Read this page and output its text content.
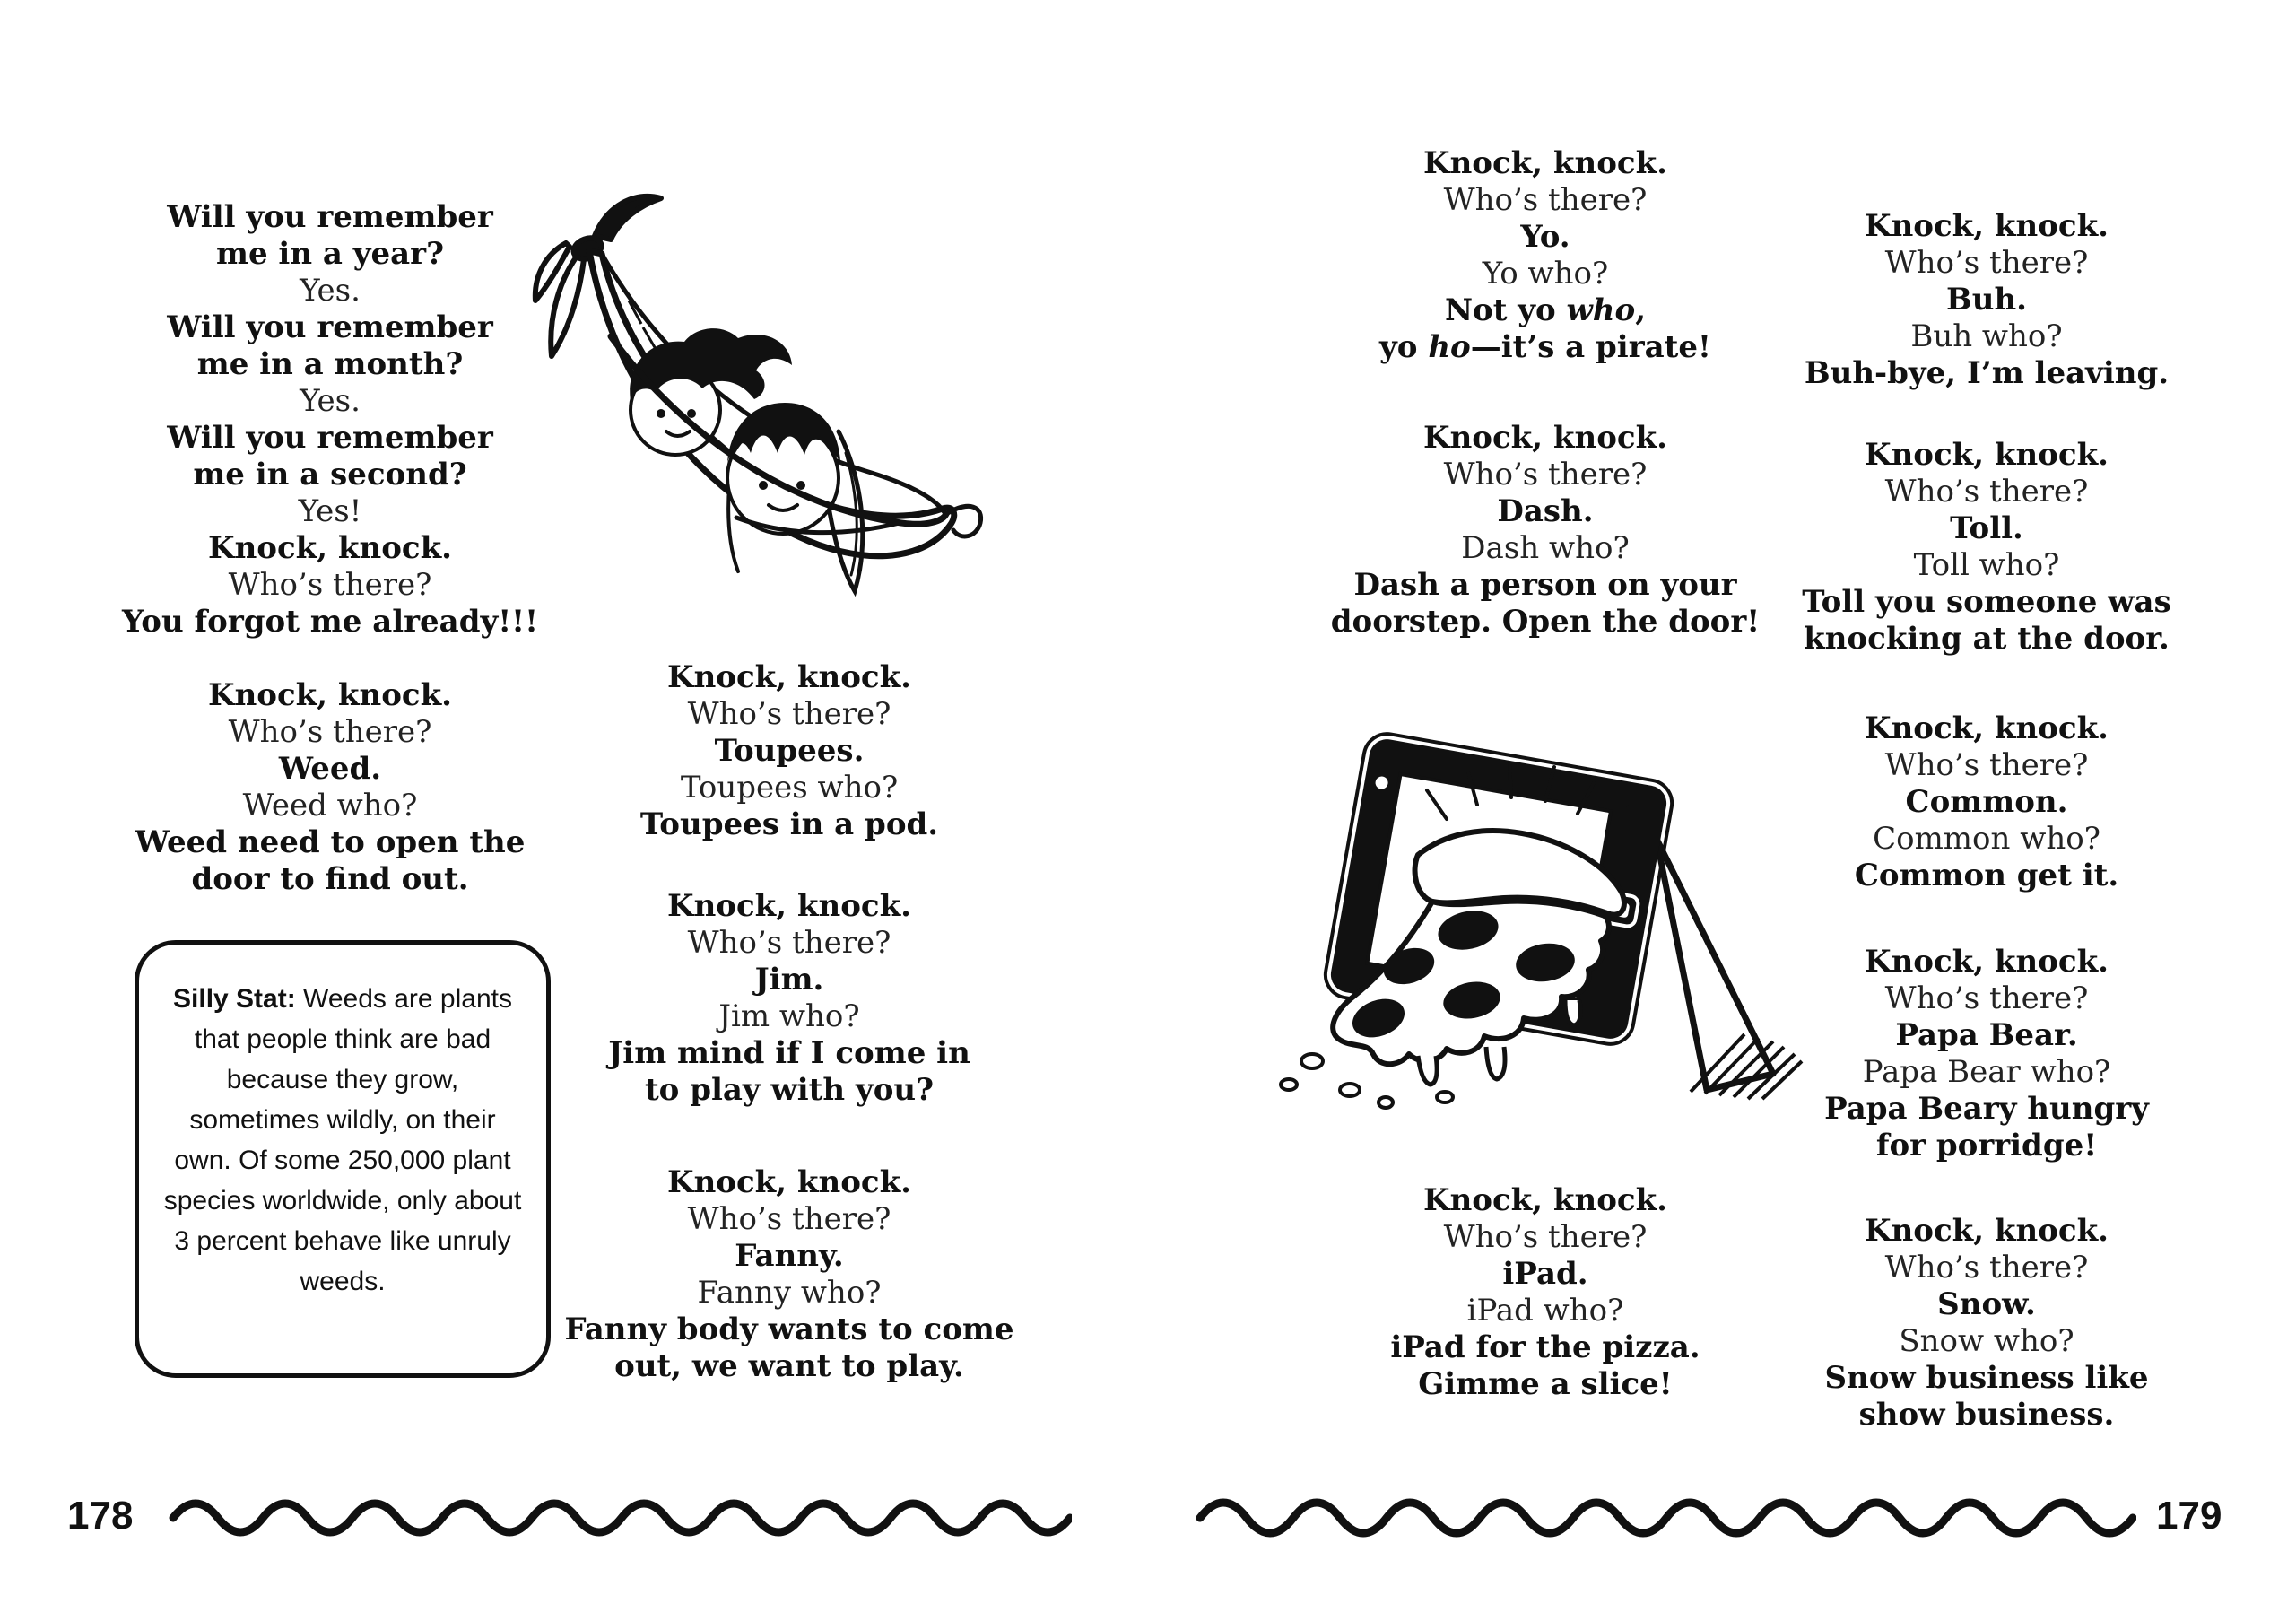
Will you remember

me in a year?

Yes.

Will you remember

me in a month?

Yes.

Will you remember

me in a second?

Yes!

Knock, knock.

Who’s there?

You forgot me already!!!

Knock, knock.

Who’s there?

Weed.

Weed who?

Weed need to open the

door to find out.

Silly Stat: Weeds are plants that people think are bad because they grow, sometimes wildly, on their own. Of some 250,000 plant species worldwide, only about 3 percent behave like unruly weeds.

Knock, knock.

Who’s there?

Toupees.

Toupees who?

Toupees in a pod.

Knock, knock.

Who’s there?

Jim.

Jim who?

Jim mind if I come in

to play with you?

Knock, knock.

Who’s there?

Fanny.

Fanny who?

Fanny body wants to come

out, we want to play.

Knock, knock.

Who’s there?

Yo.

Yo who?

Not yo who,

yo ho—it’s a pirate!

Knock, knock.

Who’s there?

Dash.

Dash who?

Dash a person on your

doorstep. Open the door!

Knock, knock.

Who’s there?

iPad.

iPad who?

iPad for the pizza.

Gimme a slice!

Knock, knock.

Who’s there?

Buh.

Buh who?

Buh-bye, I’m leaving.

Knock, knock.

Who’s there?

Toll.

Toll who?

Toll you someone was

knocking at the door.

Knock, knock.

Who’s there?

Common.

Common who?

Common get it.

Knock, knock.

Who’s there?

Papa Bear.

Papa Bear who?

Papa Beary hungry

for porridge!

Knock, knock.

Who’s there?

Snow.

Snow who?

Snow business like

show business.

178	179
